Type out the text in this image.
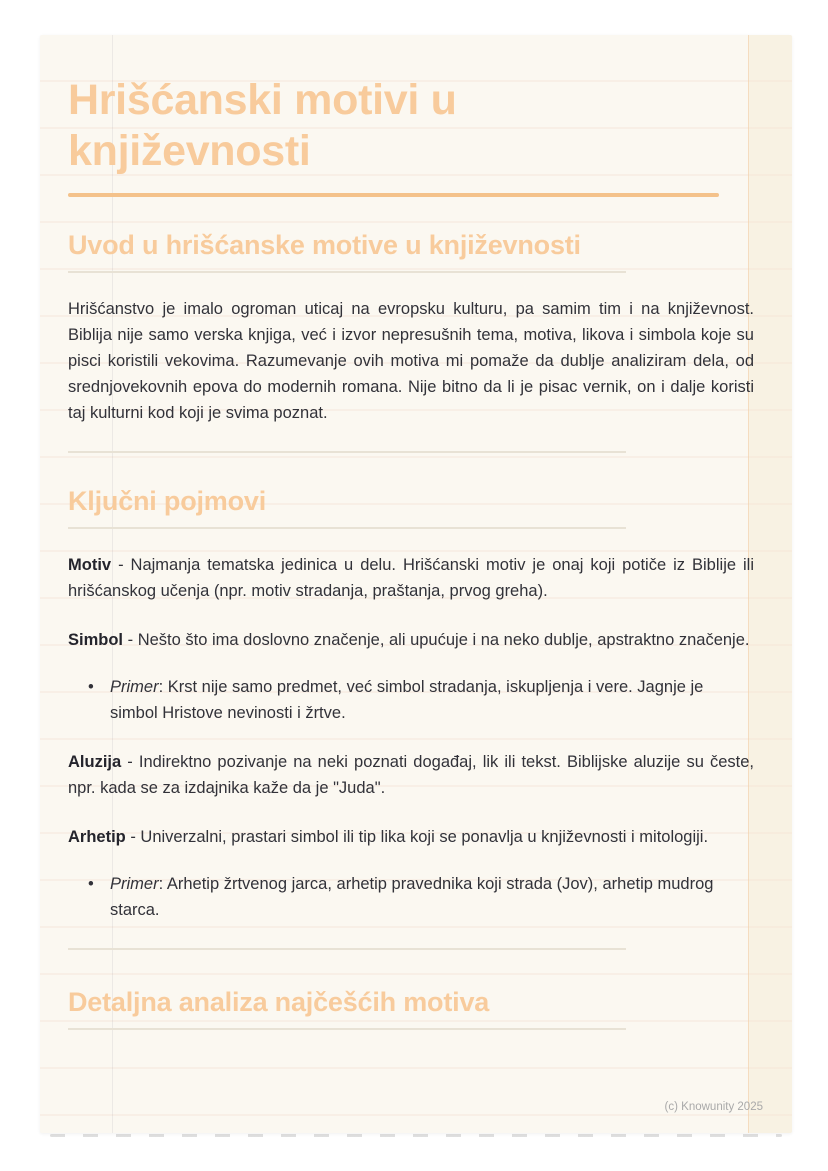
Hrišćanski motivi u književnosti
Uvod u hrišćanske motive u književnosti

Hrišćanstvo je imalo ogroman uticaj na evropsku kulturu, pa samim tim i na književnost. Biblija nije samo verska knjiga, već i izvor nepresušnih tema, motiva, likova i simbola koje su pisci koristili vekovima. Razumevanje ovih motiva mi pomaže da dublje analiziram dela, od srednjovekovnih epova do modernih romana. Nije bitno da li je pisac vernik, on i dalje koristi taj kulturni kod koji je svima poznat.

Ključni pojmovi

Motiv - Najmanja tematska jedinica u delu. Hrišćanski motiv je onaj koji potiče iz Biblije ili hrišćanskog učenja (npr. motiv stradanja, praštanja, prvog greha).

Simbol - Nešto što ima doslovno značenje, ali upućuje i na neko dublje, apstraktno značenje.

• Primer: Krst nije samo predmet, već simbol stradanja, iskupljenja i vere. Jagnje je simbol Hristove nevinosti i žrtve.

Aluzija - Indirektno pozivanje na neki poznati događaj, lik ili tekst. Biblijske aluzije su česte, npr. kada se za izdajnika kaže da je "Juda".

Arhetip - Univerzalni, prastari simbol ili tip lika koji se ponavlja u književnosti i mitologiji.

• Primer: Arhetip žrtvenog jarca, arhetip pravednika koji strada (Jov), arhetip mudrog starca.

Detaljna analiza najčešćih motiva
(c) Knowunity 2025
